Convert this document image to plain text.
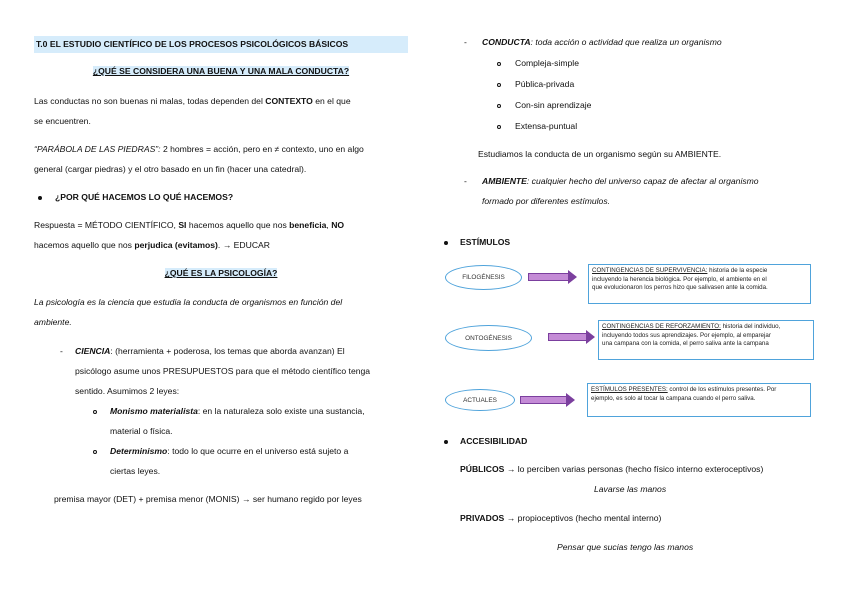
T.0 EL ESTUDIO CIENTÍFICO DE LOS PROCESOS PSICOLÓGICOS BÁSICOS
¿QUÉ SE CONSIDERA UNA BUENA Y UNA MALA CONDUCTA?
Las conductas no son buenas ni malas, todas dependen del CONTEXTO en el que
se encuentren.
“PARÁBOLA DE LAS PIEDRAS”: 2 hombres = acción, pero en ≠ contexto, uno en algo
general (cargar piedras) y el otro basado en un fin (hacer una catedral).
¿POR QUÉ HACEMOS LO QUÉ HACEMOS?
Respuesta = MÉTODO CIENTÍFICO, SI hacemos aquello que nos beneficia, NO
hacemos aquello que nos perjudica (evitamos). → EDUCAR
¿QUÉ ES LA PSICOLOGÍA?
La psicología es la ciencia que estudia la conducta de organismos en función del
ambiente.
- CIENCIA: (herramienta + poderosa, los temas que aborda avanzan) El
psicólogo asume unos PRESUPUESTOS para que el método científico tenga
sentido. Asumimos 2 leyes:
Monismo materialista: en la naturaleza solo existe una sustancia,
material o física.
Determinismo: todo lo que ocurre en el universo está sujeto a
ciertas leyes.
premisa mayor (DET) + premisa menor (MONIS) → ser humano regido por leyes
- CONDUCTA: toda acción o actividad que realiza un organismo
Compleja-simple
Pública-privada
Con-sin aprendizaje
Extensa-puntual
Estudiamos la conducta de un organismo según su AMBIENTE.
- AMBIENTE: cualquier hecho del universo capaz de afectar al organismo
formado por diferentes estímulos.
ESTÍMULOS
FILOGÉNESIS
CONTINGENCIAS DE SUPERVIVENCIA: historia de la especie
incluyendo la herencia biológica. Por ejemplo, el ambiente en el
que evolucionaron los perros hizo que salivasen ante la comida.
ONTOGÉNESIS
CONTINGENCIAS DE REFORZAMIENTO: historia del individuo,
incluyendo todos sus aprendizajes. Por ejemplo, al emparejar
una campana con la comida, el perro saliva ante la campana
ACTUALES
ESTÍMULOS PRESENTES: control de los estímulos presentes. Por
ejemplo, es solo al tocar la campana cuando el perro saliva.
ACCESIBILIDAD
PÚBLICOS → lo perciben varias personas (hecho físico interno exteroceptivos)
Lavarse las manos
PRIVADOS → propioceptivos (hecho mental interno)
Pensar que sucias tengo las manos
